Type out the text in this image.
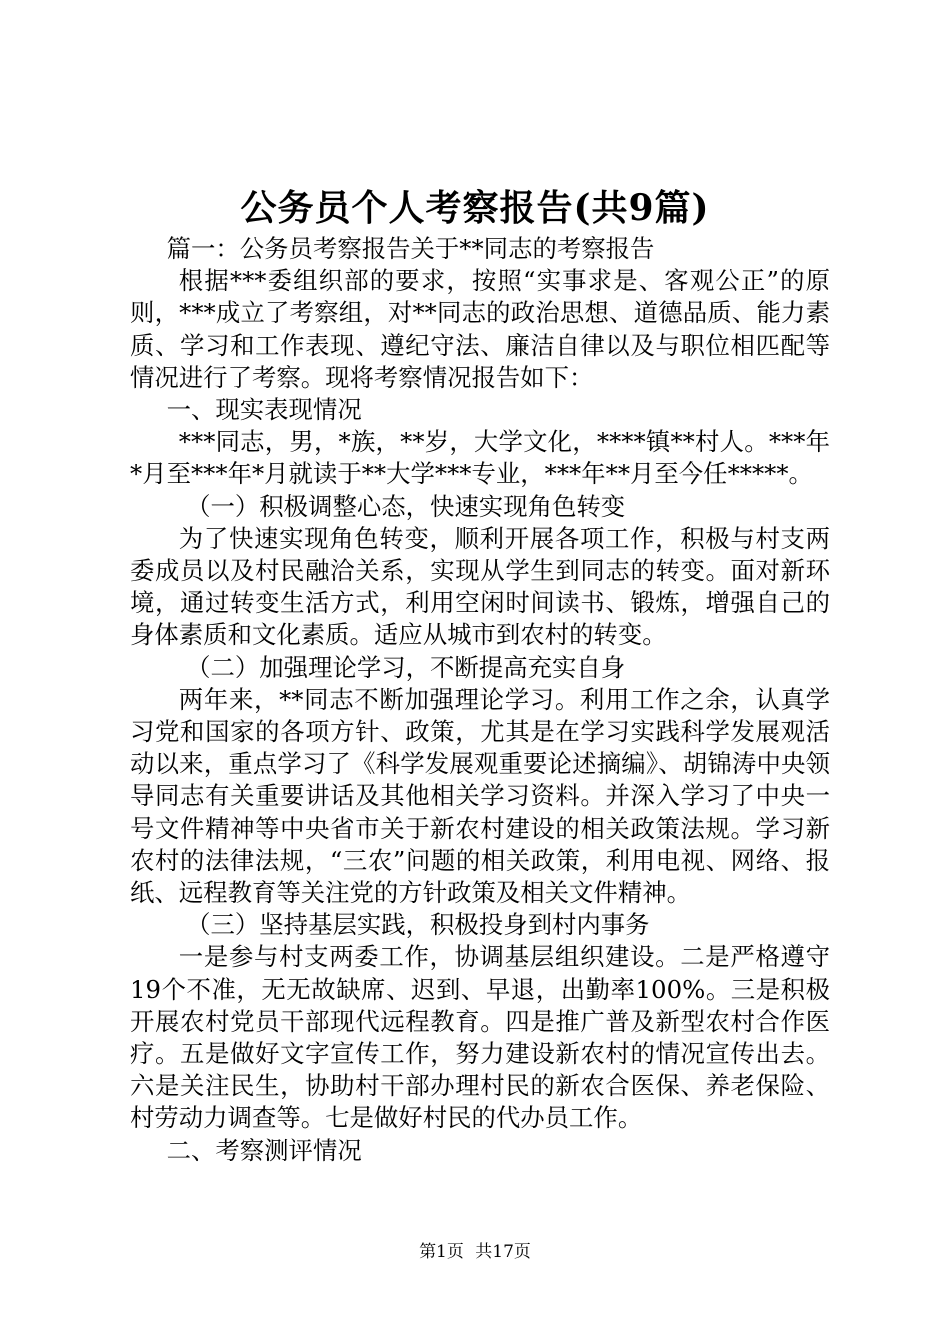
公务员个人考察报告(共9篇)

篇一：公务员考察报告关于**同志的考察报告

根据***委组织部的要求，按照“实事求是、客观公正”的原则，***成立了考察组，对**同志的政治思想、道德品质、能力素质、学习和工作表现、遵纪守法、廉洁自律以及与职位相匹配等情况进行了考察。现将考察情况报告如下：

一、现实表现情况

***同志，男，*族，**岁，大学文化，****镇**村人。***年*月至***年*月就读于**大学***专业，***年**月至今任*****。

（一）积极调整心态，快速实现角色转变

为了快速实现角色转变，顺利开展各项工作，积极与村支两委成员以及村民融洽关系，实现从学生到同志的转变。面对新环境，通过转变生活方式，利用空闲时间读书、锻炼，增强自己的身体素质和文化素质。适应从城市到农村的转变。

（二）加强理论学习，不断提高充实自身

两年来，**同志不断加强理论学习。利用工作之余，认真学习党和国家的各项方针、政策，尤其是在学习实践科学发展观活动以来，重点学习了《科学发展观重要论述摘编》、胡锦涛中央领导同志有关重要讲话及其他相关学习资料。并深入学习了中央一号文件精神等中央省市关于新农村建设的相关政策法规。学习新农村的法律法规，“三农”问题的相关政策，利用电视、网络、报纸、远程教育等关注党的方针政策及相关文件精神。

（三）坚持基层实践，积极投身到村内事务

一是参与村支两委工作，协调基层组织建设。二是严格遵守19个不准，无无故缺席、迟到、早退，出勤率100%。三是积极开展农村党员干部现代远程教育。四是推广普及新型农村合作医疗。五是做好文字宣传工作，努力建设新农村的情况宣传出去。六是关注民生，协助村干部办理村民的新农合医保、养老保险、村劳动力调查等。七是做好村民的代办员工作。

二、考察测评情况

第1页 共17页
